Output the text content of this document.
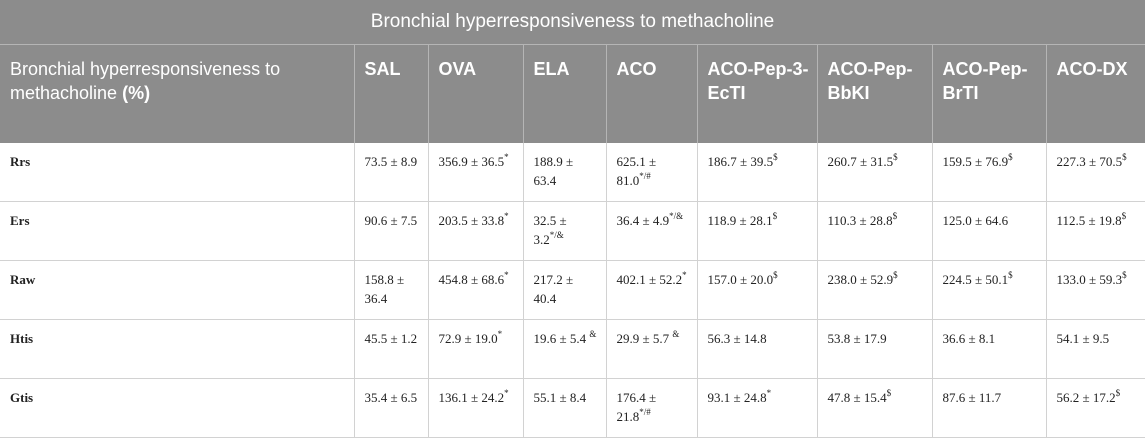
Bronchial hyperresponsiveness to methacholine								
Bronchial hyperresponsiveness to methacholine (%)	SAL	OVA	ELA	ACO	ACO-Pep-3-EcTI	ACO-Pep-BbKI	ACO-Pep-BrTI	ACO-DX
Rrs	73.5 ± 8.9	356.9 ± 36.5*	188.9 ± 63.4	625.1 ± 81.0*/#	186.7 ± 39.5$	260.7 ± 31.5$	159.5 ± 76.9$	227.3 ± 70.5$
Ers	90.6 ± 7.5	203.5 ± 33.8*	32.5 ± 3.2*/&	36.4 ± 4.9*/&	118.9 ± 28.1$	110.3 ± 28.8$	125.0 ± 64.6	112.5 ± 19.8$
Raw	158.8 ± 36.4	454.8 ± 68.6*	217.2 ± 40.4	402.1 ± 52.2*	157.0 ± 20.0$	238.0 ± 52.9$	224.5 ± 50.1$	133.0 ± 59.3$
Htis	45.5 ± 1.2	72.9 ± 19.0*	19.6 ± 5.4 &	29.9 ± 5.7 &	56.3 ± 14.8	53.8 ± 17.9	36.6 ± 8.1	54.1 ± 9.5
Gtis	35.4 ± 6.5	136.1 ± 24.2*	55.1 ± 8.4	176.4 ± 21.8*/#	93.1 ± 24.8*	47.8 ± 15.4$	87.6 ± 11.7	56.2 ± 17.2$
